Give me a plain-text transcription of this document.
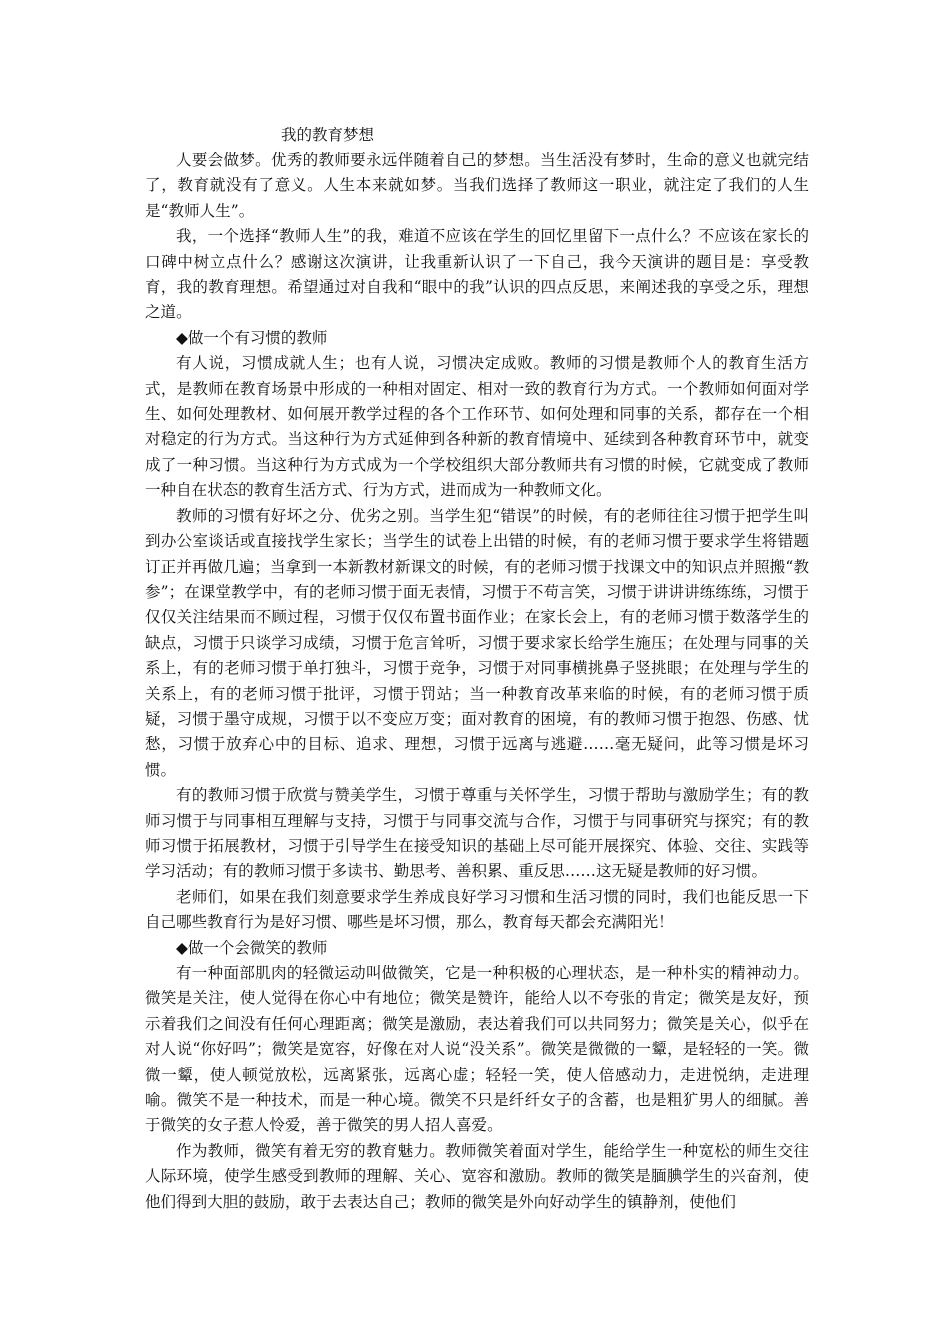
我的教育梦想

人要会做梦。优秀的教师要永远伴随着自己的梦想。当生活没有梦时，生命的意义也就完结了，教育就没有了意义。人生本来就如梦。当我们选择了教师这一职业，就注定了我们的人生是“教师人生”。

我，一个选择“教师人生”的我，难道不应该在学生的回忆里留下一点什么？不应该在家长的口碑中树立点什么？感谢这次演讲，让我重新认识了一下自己，我今天演讲的题目是：享受教育，我的教育理想。希望通过对自我和“眼中的我”认识的四点反思，来阐述我的享受之乐，理想之道。

◆做一个有习惯的教师

有人说，习惯成就人生；也有人说，习惯决定成败。教师的习惯是教师个人的教育生活方式，是教师在教育场景中形成的一种相对固定、相对一致的教育行为方式。一个教师如何面对学生、如何处理教材、如何展开教学过程的各个工作环节、如何处理和同事的关系，都存在一个相对稳定的行为方式。当这种行为方式延伸到各种新的教育情境中、延续到各种教育环节中，就变成了一种习惯。当这种行为方式成为一个学校组织大部分教师共有习惯的时候，它就变成了教师一种自在状态的教育生活方式、行为方式，进而成为一种教师文化。

教师的习惯有好坏之分、优劣之别。当学生犯“错误”的时候，有的老师往往习惯于把学生叫到办公室谈话或直接找学生家长；当学生的试卷上出错的时候，有的老师习惯于要求学生将错题订正并再做几遍；当拿到一本新教材新课文的时候，有的老师习惯于找课文中的知识点并照搬“教参”；在课堂教学中，有的老师习惯于面无表情，习惯于不苟言笑，习惯于讲讲讲练练练，习惯于仅仅关注结果而不顾过程，习惯于仅仅布置书面作业；在家长会上，有的老师习惯于数落学生的缺点，习惯于只谈学习成绩，习惯于危言耸听，习惯于要求家长给学生施压；在处理与同事的关系上，有的老师习惯于单打独斗，习惯于竞争，习惯于对同事横挑鼻子竖挑眼；在处理与学生的关系上，有的老师习惯于批评，习惯于罚站；当一种教育改革来临的时候，有的老师习惯于质疑，习惯于墨守成规，习惯于以不变应万变；面对教育的困境，有的教师习惯于抱怨、伤感、忧愁，习惯于放弃心中的目标、追求、理想，习惯于远离与逃避……毫无疑问，此等习惯是坏习惯。

有的教师习惯于欣赏与赞美学生，习惯于尊重与关怀学生，习惯于帮助与激励学生；有的教师习惯于与同事相互理解与支持，习惯于与同事交流与合作，习惯于与同事研究与探究；有的教师习惯于拓展教材，习惯于引导学生在接受知识的基础上尽可能开展探究、体验、交往、实践等学习活动；有的教师习惯于多读书、勤思考、善积累、重反思……这无疑是教师的好习惯。

老师们，如果在我们刻意要求学生养成良好学习习惯和生活习惯的同时，我们也能反思一下自己哪些教育行为是好习惯、哪些是坏习惯，那么，教育每天都会充满阳光！

◆做一个会微笑的教师

有一种面部肌肉的轻微运动叫做微笑，它是一种积极的心理状态，是一种朴实的精神动力。微笑是关注，使人觉得在你心中有地位；微笑是赞许，能给人以不夸张的肯定；微笑是友好，预示着我们之间没有任何心理距离；微笑是激励，表达着我们可以共同努力；微笑是关心，似乎在对人说“你好吗”；微笑是宽容，好像在对人说“没关系”。微笑是微微的一颦，是轻轻的一笑。微微一颦，使人顿觉放松，远离紧张，远离心虚；轻轻一笑，使人倍感动力，走进悦纳，走进理喻。微笑不是一种技术，而是一种心境。微笑不只是纤纤女子的含蓄，也是粗犷男人的细腻。善于微笑的女子惹人怜爱，善于微笑的男人招人喜爱。

作为教师，微笑有着无穷的教育魅力。教师微笑着面对学生，能给学生一种宽松的师生交往人际环境，使学生感受到教师的理解、关心、宽容和激励。教师的微笑是腼腆学生的兴奋剂，使他们得到大胆的鼓励，敢于去表达自己；教师的微笑是外向好动学生的镇静剂，使他们
